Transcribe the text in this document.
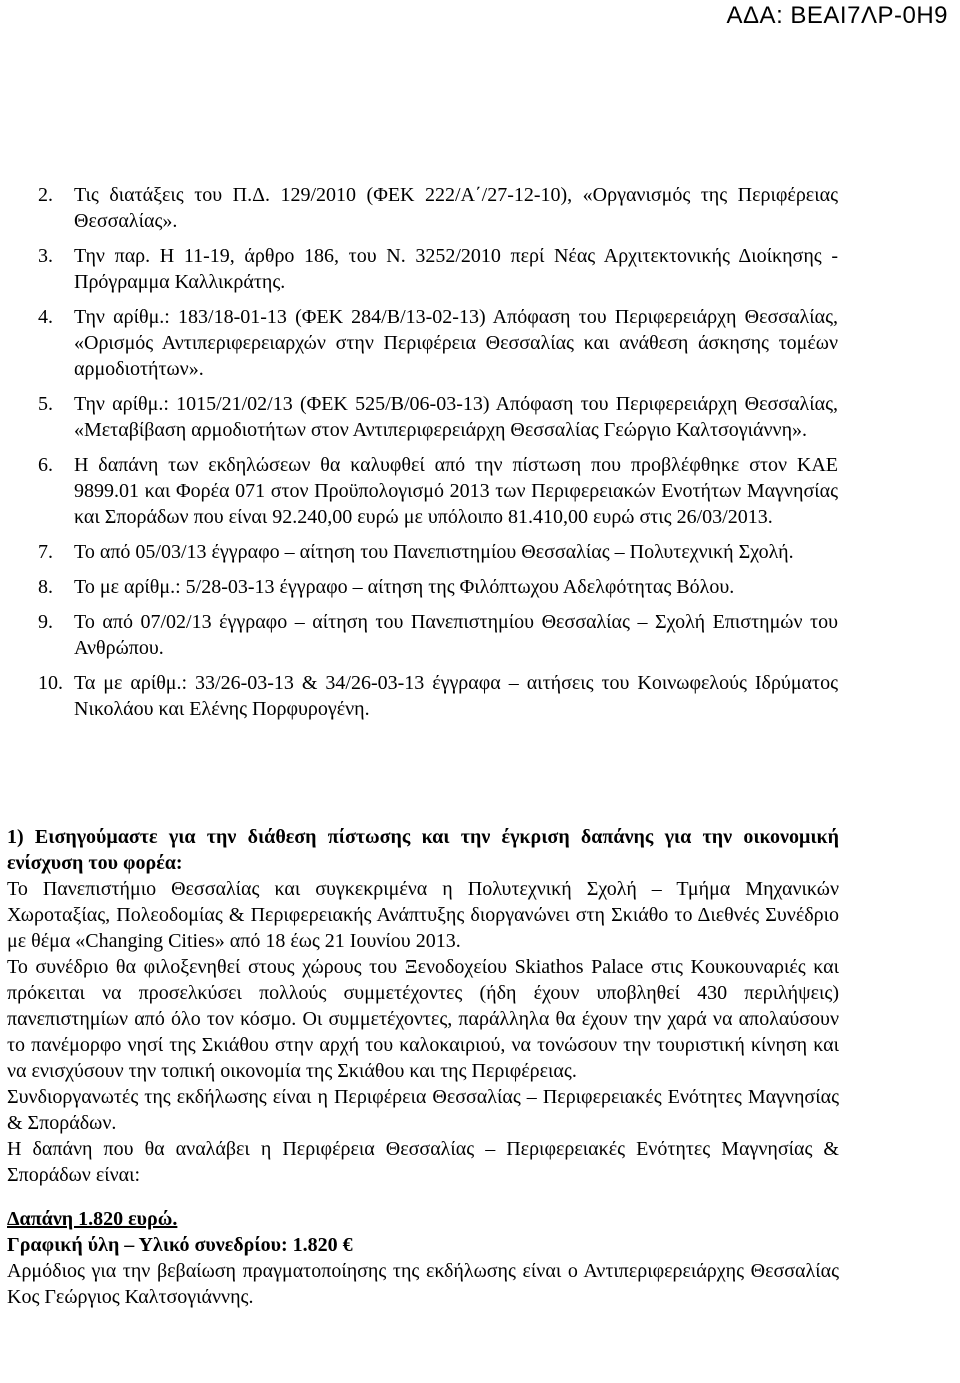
ΑΔΑ: ΒΕΑΙ7ΛΡ-0Η9
2.	Τις διατάξεις του Π.Δ. 129/2010 (ΦΕΚ 222/Α΄/27-12-10), «Οργανισμός της Περιφέρειας Θεσσαλίας».
3.	Την παρ. Η 11-19, άρθρο 186, του Ν. 3252/2010 περί Νέας Αρχιτεκτονικής Διοίκησης - Πρόγραμμα Καλλικράτης.
4.	Την αρίθμ.: 183/18-01-13 (ΦΕΚ 284/Β/13-02-13) Απόφαση του Περιφερειάρχη Θεσσαλίας, «Ορισμός Αντιπεριφερειαρχών στην Περιφέρεια Θεσσαλίας και ανάθεση άσκησης τομέων αρμοδιοτήτων».
5.	Την αρίθμ.: 1015/21/02/13 (ΦΕΚ 525/Β/06-03-13) Απόφαση του Περιφερειάρχη Θεσσαλίας, «Μεταβίβαση αρμοδιοτήτων στον Αντιπεριφερειάρχη Θεσσαλίας Γεώργιο Καλτσογιάννη».
6.	Η δαπάνη των εκδηλώσεων θα καλυφθεί από την πίστωση που προβλέφθηκε στον ΚΑΕ 9899.01 και Φορέα 071 στον Προϋπολογισμό 2013 των Περιφερειακών Ενοτήτων Μαγνησίας και Σποράδων που είναι 92.240,00 ευρώ με υπόλοιπο 81.410,00 ευρώ στις 26/03/2013.
7.	Το από 05/03/13 έγγραφο – αίτηση του Πανεπιστημίου Θεσσαλίας – Πολυτεχνική Σχολή.
8.	Το με αρίθμ.: 5/28-03-13 έγγραφο – αίτηση της Φιλόπτωχου Αδελφότητας Βόλου.
9.	Το από 07/02/13 έγγραφο – αίτηση του Πανεπιστημίου Θεσσαλίας – Σχολή Επιστημών του Ανθρώπου.
10. Τα με αρίθμ.: 33/26-03-13 & 34/26-03-13 έγγραφα – αιτήσεις του Κοινωφελούς Ιδρύματος Νικολάου και Ελένης Πορφυρογένη.

1) Εισηγούμαστε για την διάθεση πίστωσης και την έγκριση δαπάνης για την οικονομική ενίσχυση του φορέα:

Το Πανεπιστήμιο Θεσσαλίας και συγκεκριμένα η Πολυτεχνική Σχολή – Τμήμα Μηχανικών Χωροταξίας, Πολεοδομίας & Περιφερειακής Ανάπτυξης διοργανώνει στη Σκιάθο το Διεθνές Συνέδριο με θέμα «Changing Cities» από 18 έως 21 Ιουνίου 2013.

Το συνέδριο θα φιλοξενηθεί στους χώρους του Ξενοδοχείου Skiathos Palace στις Κουκουναριές και πρόκειται να προσελκύσει πολλούς συμμετέχοντες (ήδη έχουν υποβληθεί 430 περιλήψεις) πανεπιστημίων από όλο τον κόσμο. Οι συμμετέχοντες, παράλληλα θα έχουν την χαρά να απολαύσουν το πανέμορφο νησί της Σκιάθου στην αρχή του καλοκαιριού, να τονώσουν την τουριστική κίνηση και να ενισχύσουν την τοπική οικονομία της Σκιάθου και της Περιφέρειας.

Συνδιοργανωτές της εκδήλωσης είναι η Περιφέρεια Θεσσαλίας – Περιφερειακές Ενότητες Μαγνησίας & Σποράδων.

Η δαπάνη που θα αναλάβει η Περιφέρεια Θεσσαλίας – Περιφερειακές Ενότητες Μαγνησίας & Σποράδων είναι:

Δαπάνη 1.820 ευρώ.

Γραφική ύλη – Υλικό συνεδρίου: 1.820 €

Αρμόδιος για την βεβαίωση πραγματοποίησης της εκδήλωσης είναι ο Αντιπεριφερειάρχης Θεσσαλίας Κος Γεώργιος Καλτσογιάννης.
